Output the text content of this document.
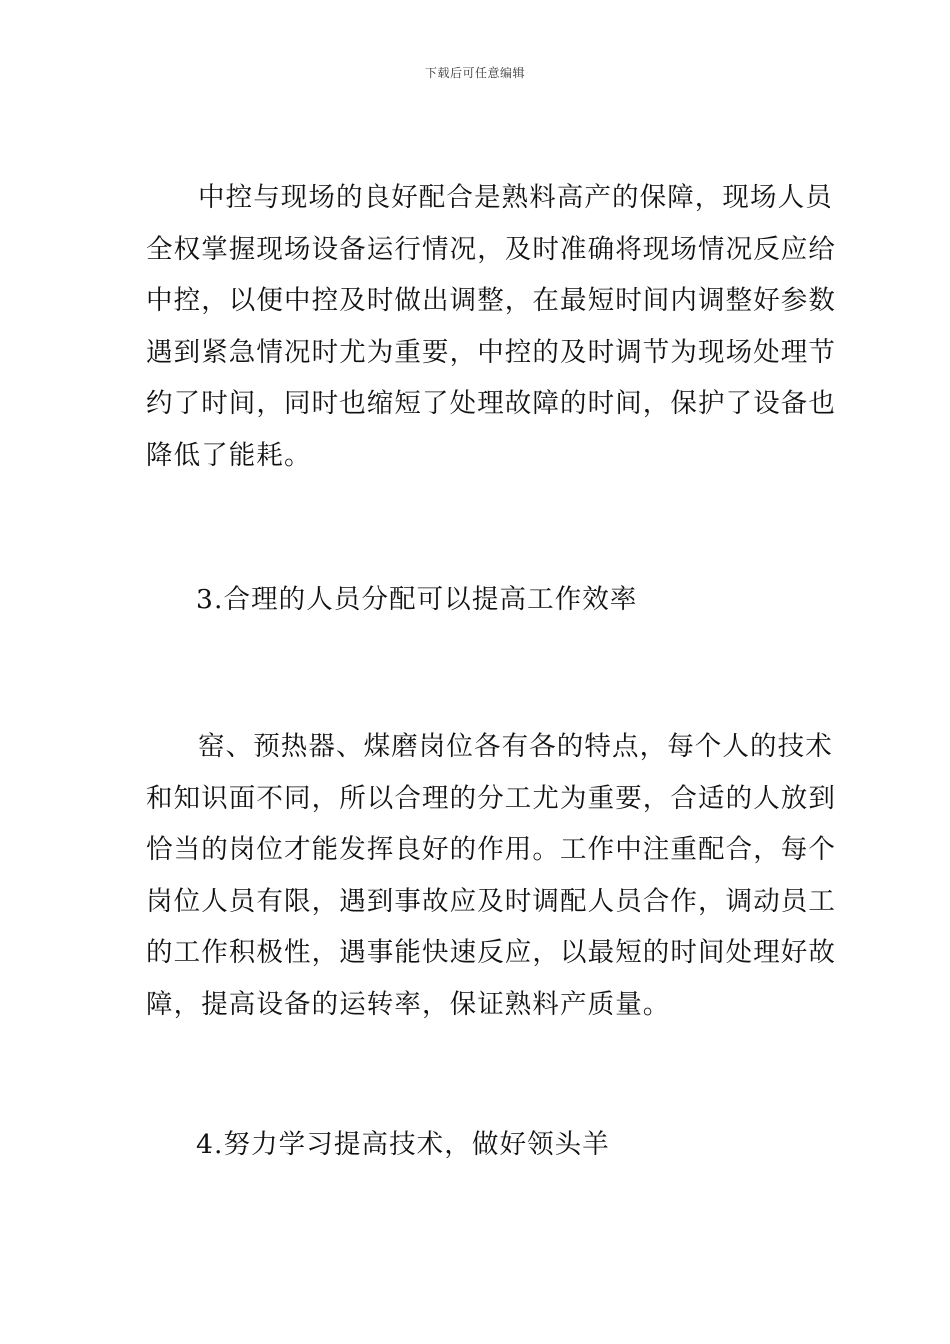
下载后可任意编辑
中控与现场的良好配合是熟料高产的保障，现场人员
全权掌握现场设备运行情况，及时准确将现场情况反应给
中控，以便中控及时做出调整，在最短时间内调整好参数
遇到紧急情况时尤为重要，中控的及时调节为现场处理节
约了时间，同时也缩短了处理故障的时间，保护了设备也
降低了能耗。
3.合理的人员分配可以提高工作效率
窑、预热器、煤磨岗位各有各的特点，每个人的技术
和知识面不同，所以合理的分工尤为重要，合适的人放到
恰当的岗位才能发挥良好的作用。工作中注重配合，每个
岗位人员有限，遇到事故应及时调配人员合作，调动员工
的工作积极性，遇事能快速反应，以最短的时间处理好故
障，提高设备的运转率，保证熟料产质量。
4.努力学习提高技术，做好领头羊
